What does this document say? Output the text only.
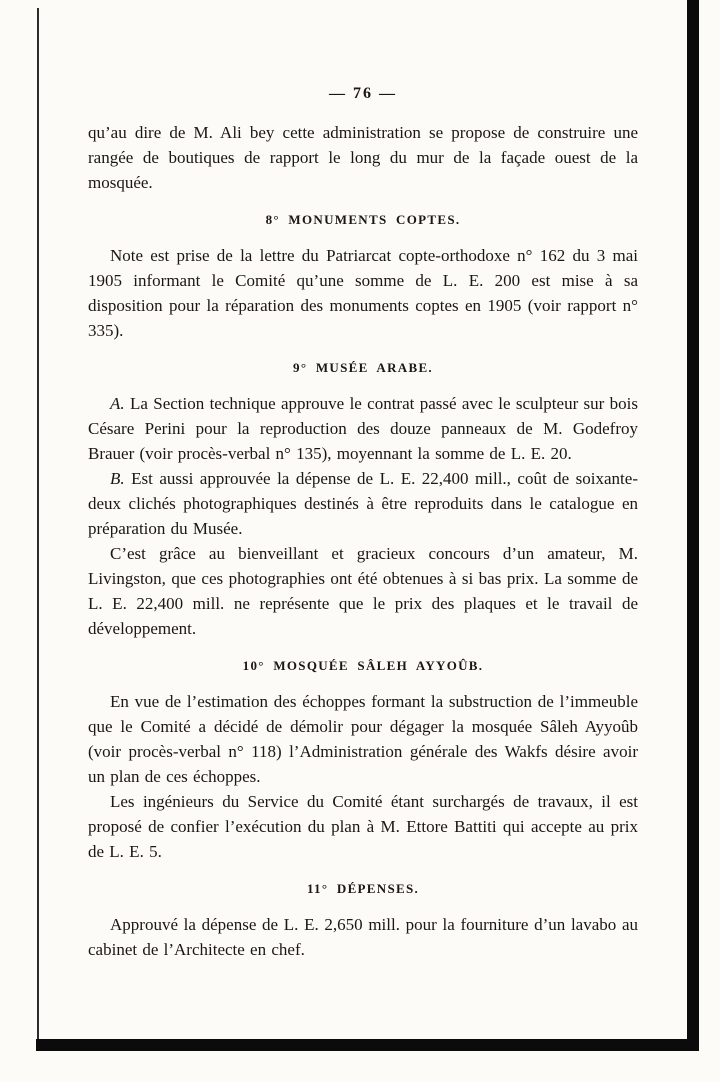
— 76 —

qu’au dire de M. Ali bey cette administration se propose de construire une rangée de boutiques de rapport le long du mur de la façade ouest de la mosquée.

8° MONUMENTS COPTES.

Note est prise de la lettre du Patriarcat copte-orthodoxe n° 162 du 3 mai 1905 informant le Comité qu’une somme de L. E. 200 est mise à sa disposition pour la réparation des monuments coptes en 1905 (voir rapport n° 335).

9° MUSÉE ARABE.

A. La Section technique approuve le contrat passé avec le sculpteur sur bois Césare Perini pour la reproduction des douze panneaux de M. Godefroy Brauer (voir procès-verbal n° 135), moyennant la somme de L. E. 20.

B. Est aussi approuvée la dépense de L. E. 22,400 mill., coût de soixante-deux clichés photographiques destinés à être reproduits dans le catalogue en préparation du Musée.

C’est grâce au bienveillant et gracieux concours d’un amateur, M. Livingston, que ces photographies ont été obtenues à si bas prix. La somme de L. E. 22,400 mill. ne représente que le prix des plaques et le travail de développement.

10° MOSQUÉE SÂLEH AYYOÛB.

En vue de l’estimation des échoppes formant la substruction de l’immeuble que le Comité a décidé de démolir pour dégager la mosquée Sâleh Ayyoûb (voir procès-verbal n° 118) l’Administration générale des Wakfs désire avoir un plan de ces échoppes.

Les ingénieurs du Service du Comité étant surchargés de travaux, il est proposé de confier l’exécution du plan à M. Ettore Battiti qui accepte au prix de L. E. 5.

11° DÉPENSES.

Approuvé la dépense de L. E. 2,650 mill. pour la fourniture d’un lavabo au cabinet de l’Architecte en chef.
